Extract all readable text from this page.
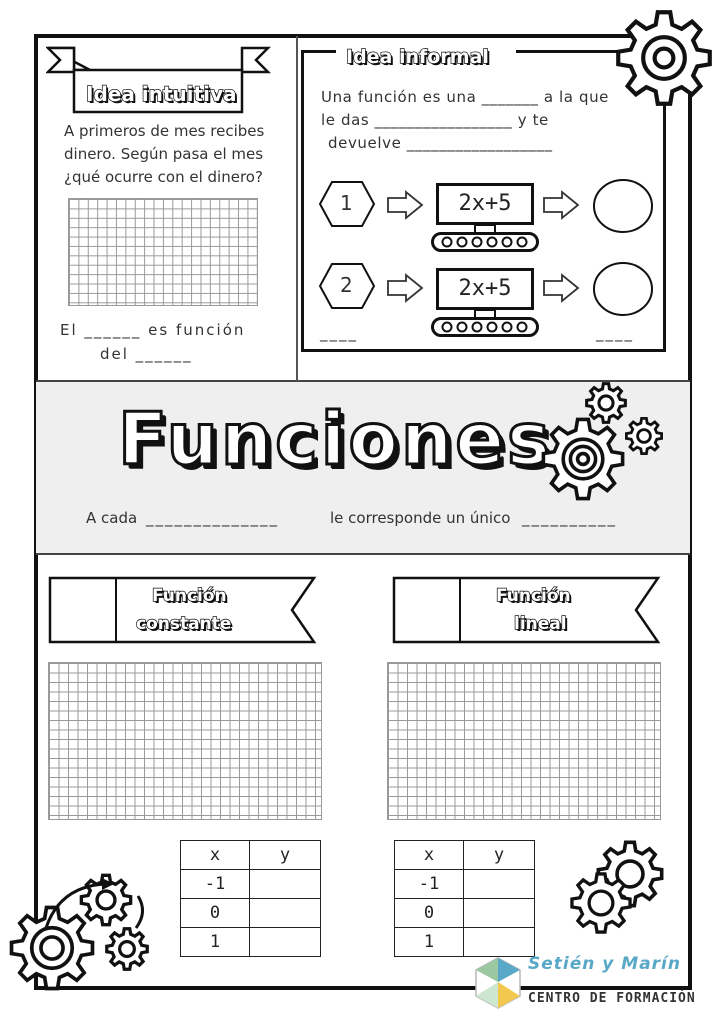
Idea intuitiva
A primeros de mes recibes
dinero. Según pasa el mes
¿qué ocurre con el dinero?
El ______ es función
del ______
Idea informal
Una función es una _______ a la que
le das _________________ y te
devuelve __________________
1	2x+5
2	2x+5
____	____
Funciones
A cada ______________	le corresponde un único __________
Función
constante
x	y
-1	
0	
1	
Función
lineal
x	y
-1	
0	
1	
Setién y Marín
CENTRO DE FORMACIÓN
